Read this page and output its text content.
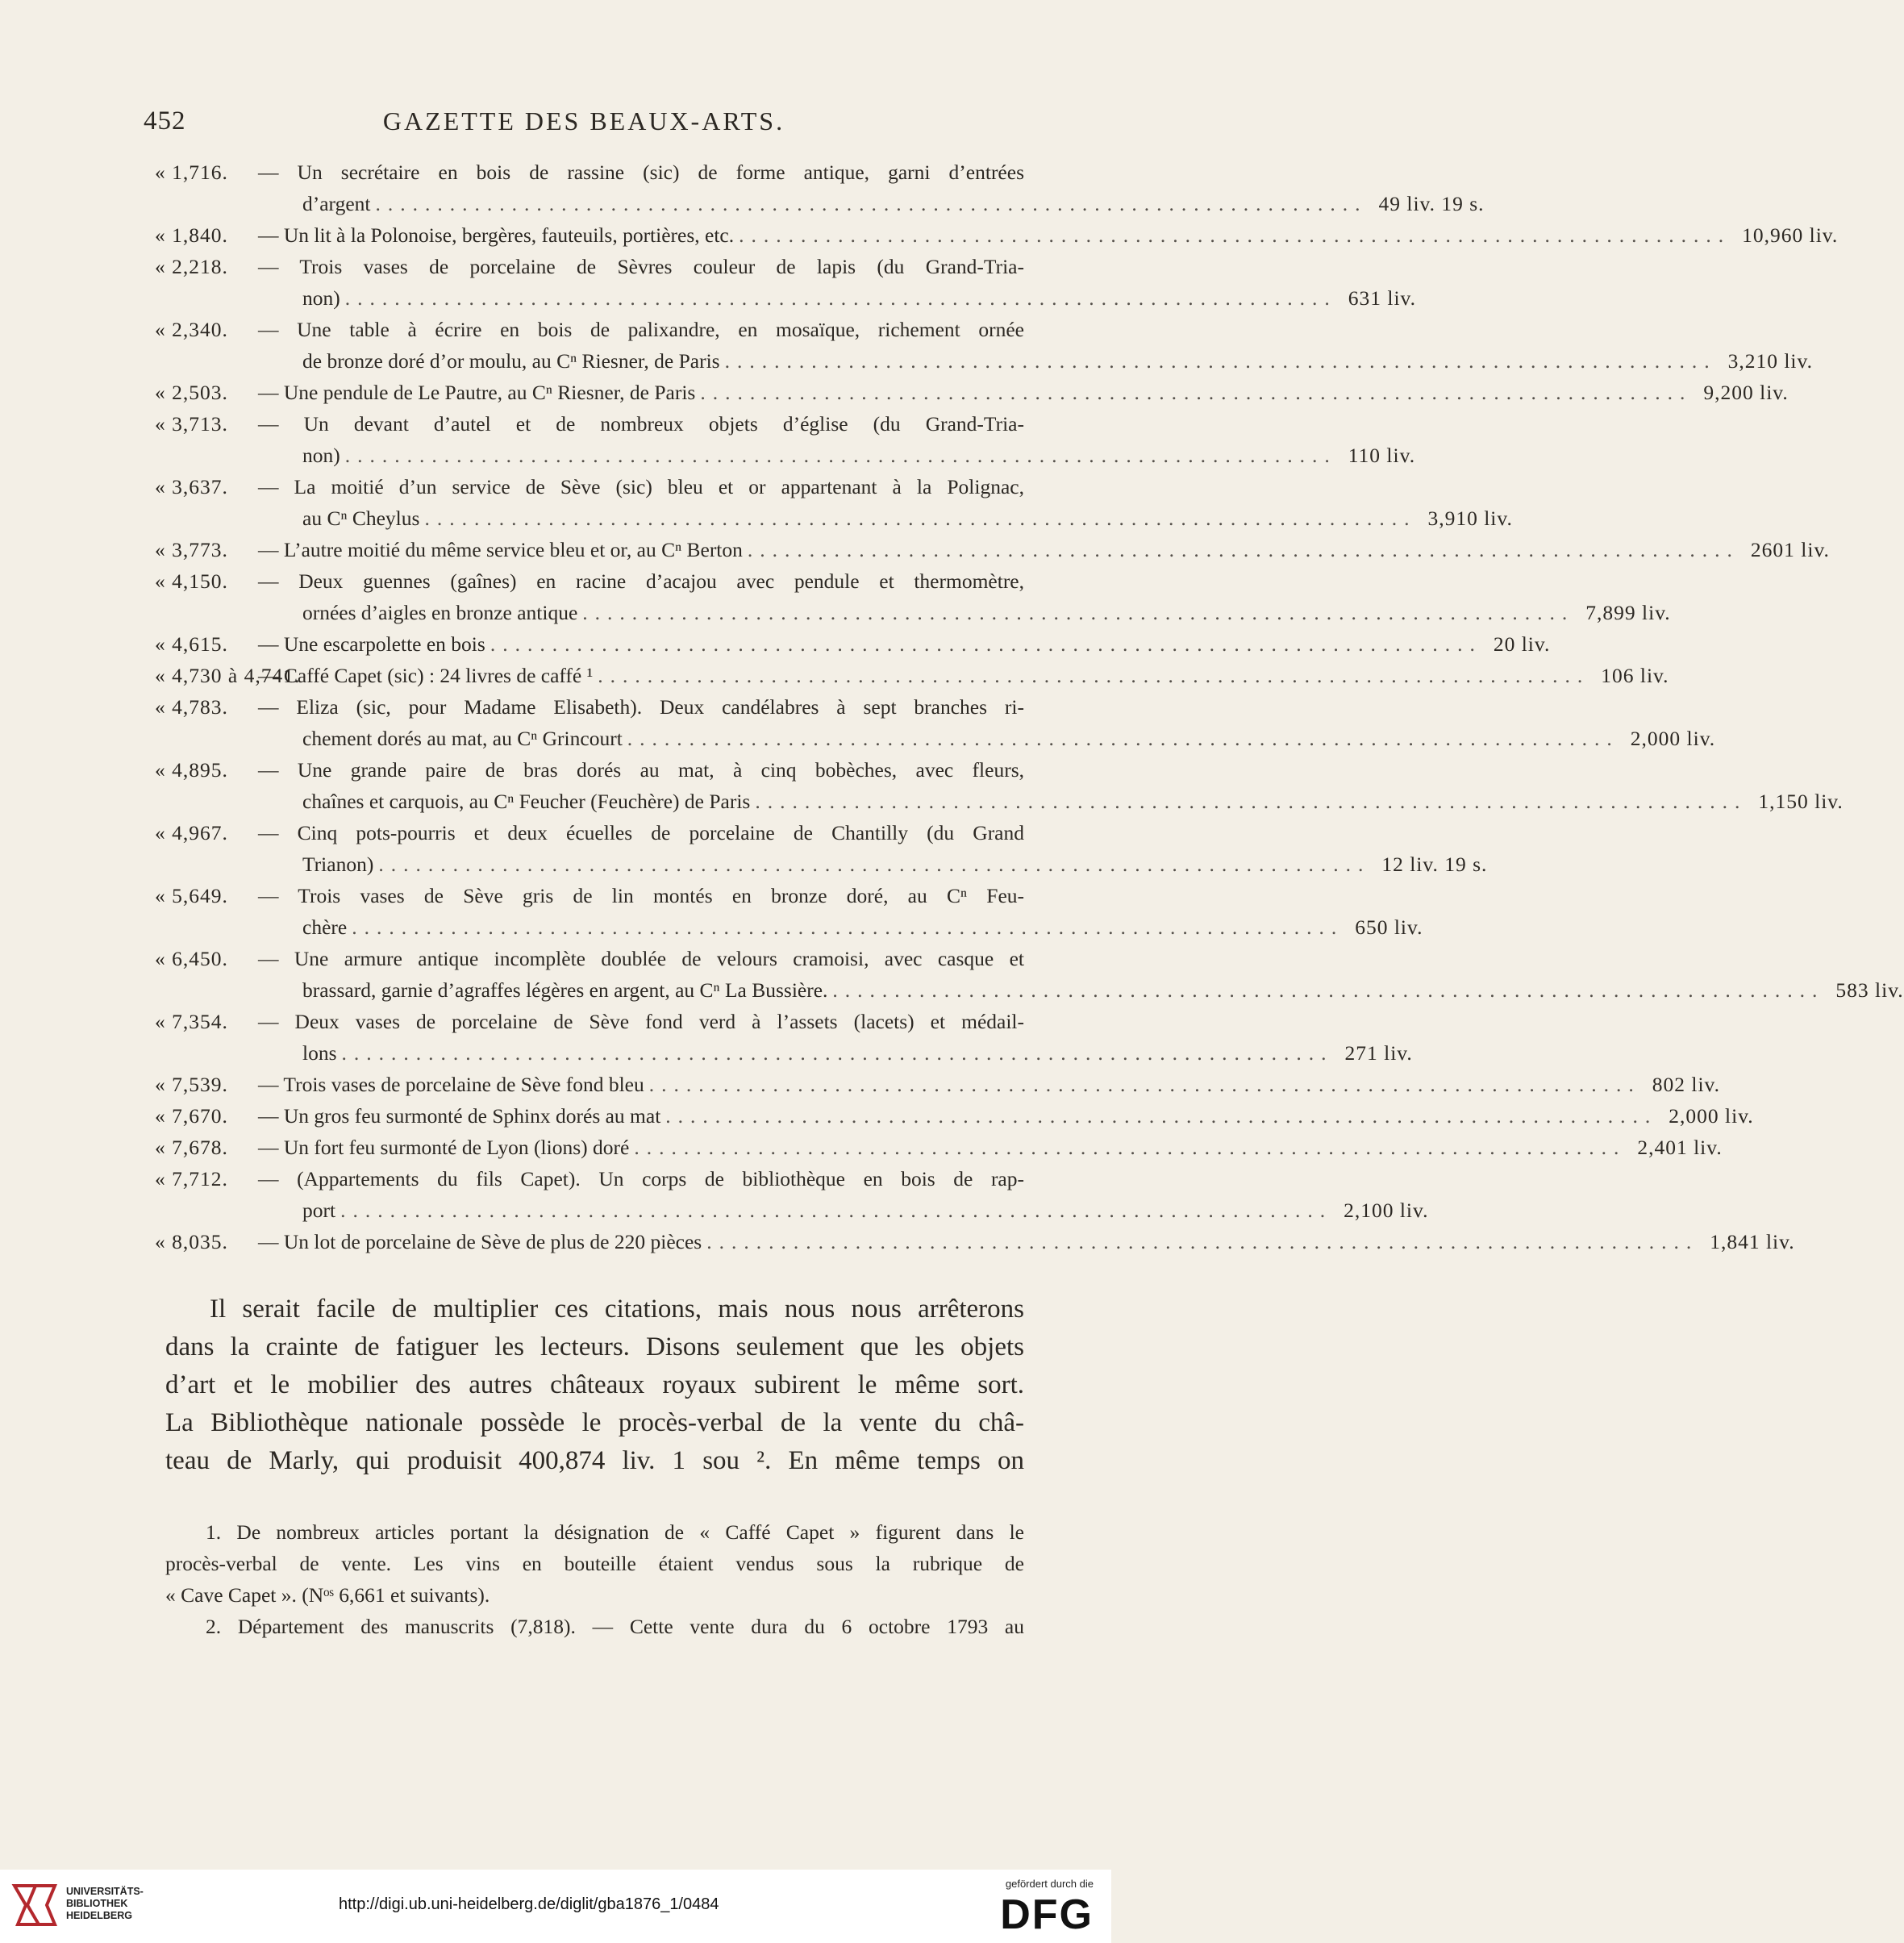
452	GAZETTE DES BEAUX-ARTS.
« 1,716.	— Un secrétaire en bois de rassine (sic) de forme antique, garni d’entrées
d’argent ................................................................................ 49 liv. 19 s.
« 1,840.	— Un lit à la Polonoise, bergères, fauteuils, portières, etc. ................................................................................ 10,960 liv.
« 2,218.	— Trois vases de porcelaine de Sèvres couleur de lapis (du Grand-Tria-
non) ................................................................................ 631 liv.
« 2,340.	— Une table à écrire en bois de palixandre, en mosaïque, richement ornée
de bronze doré d’or moulu, au Cⁿ Riesner, de Paris ................................................................................ 3,210 liv.
« 2,503.	— Une pendule de Le Pautre, au Cⁿ Riesner, de Paris ................................................................................ 9,200 liv.
« 3,713.	— Un devant d’autel et de nombreux objets d’église (du Grand-Tria-
non) ................................................................................ 110 liv.
« 3,637.	— La moitié d’un service de Sève (sic) bleu et or appartenant à la Polignac,
au Cⁿ Cheylus ................................................................................ 3,910 liv.
« 3,773.	— L’autre moitié du même service bleu et or, au Cⁿ Berton ................................................................................ 2601 liv.
« 4,150.	— Deux guennes (gaînes) en racine d’acajou avec pendule et thermomètre,
ornées d’aigles en bronze antique ................................................................................ 7,899 liv.
« 4,615.	— Une escarpolette en bois ................................................................................ 20 liv.
« 4,730 à 4,741.
— Caffé Capet (sic) : 24 livres de caffé ¹ ................................................................................ 106 liv.
« 4,783.	— Eliza (sic, pour Madame Elisabeth). Deux candélabres à sept branches ri-
chement dorés au mat, au Cⁿ Grincourt ................................................................................ 2,000 liv.
« 4,895.	— Une grande paire de bras dorés au mat, à cinq bobèches, avec fleurs,
chaînes et carquois, au Cⁿ Feucher (Feuchère) de Paris ................................................................................ 1,150 liv.
« 4,967.	— Cinq pots-pourris et deux écuelles de porcelaine de Chantilly (du Grand
Trianon) ................................................................................ 12 liv. 19 s.
« 5,649.	— Trois vases de Sève gris de lin montés en bronze doré, au Cⁿ Feu-
chère ................................................................................ 650 liv.
« 6,450.	— Une armure antique incomplète doublée de velours cramoisi, avec casque et
brassard, garnie d’agraffes légères en argent, au Cⁿ La Bussière. ................................................................................ 583 liv.
« 7,354.	— Deux vases de porcelaine de Sève fond verd à l’assets (lacets) et médail-
lons ................................................................................ 271 liv.
« 7,539.	— Trois vases de porcelaine de Sève fond bleu ................................................................................ 802 liv.
« 7,670.	— Un gros feu surmonté de Sphinx dorés au mat ................................................................................ 2,000 liv.
« 7,678.	— Un fort feu surmonté de Lyon (lions) doré ................................................................................ 2,401 liv.
« 7,712.	— (Appartements du fils Capet). Un corps de bibliothèque en bois de rap-
port ................................................................................ 2,100 liv.
« 8,035.	— Un lot de porcelaine de Sève de plus de 220 pièces ................................................................................ 1,841 liv.
Il serait facile de multiplier ces citations, mais nous nous arrêterons
dans la crainte de fatiguer les lecteurs. Disons seulement que les objets
d’art et le mobilier des autres châteaux royaux subirent le même sort.
La Bibliothèque nationale possède le procès-verbal de la vente du châ-
teau de Marly, qui produisit 400,874 liv. 1 sou ². En même temps on
1. De nombreux articles portant la désignation de « Caffé Capet » figurent dans le
procès-verbal de vente. Les vins en bouteille étaient vendus sous la rubrique de
« Cave Capet ». (Nᵒˢ 6,661 et suivants).
2. Département des manuscrits (7,818). — Cette vente dura du 6 octobre 1793 au
UNIVERSITÄTS-
BIBLIOTHEK
HEIDELBERG
http://digi.ub.uni-heidelberg.de/diglit/gba1876_1/0484
gefördert durch die
DFG
